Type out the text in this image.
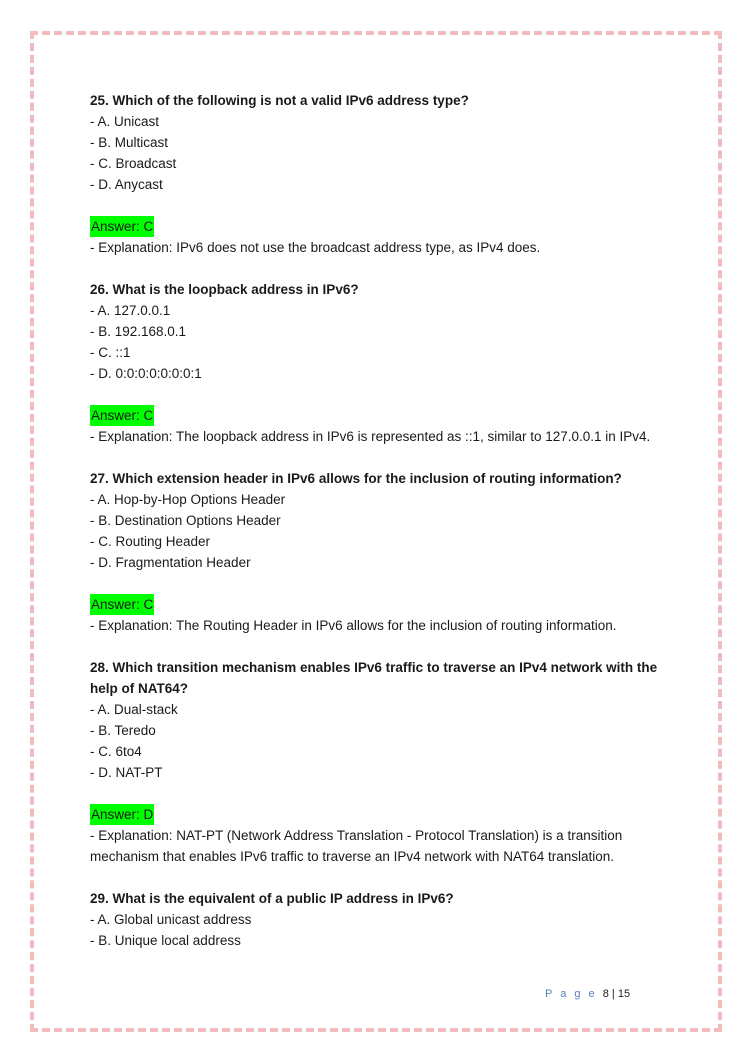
25. Which of the following is not a valid IPv6 address type?
- A. Unicast
- B. Multicast
- C. Broadcast
- D. Anycast
Answer: C
- Explanation: IPv6 does not use the broadcast address type, as IPv4 does.
26. What is the loopback address in IPv6?
- A. 127.0.0.1
- B. 192.168.0.1
- C. ::1
- D. 0:0:0:0:0:0:0:1
Answer: C
- Explanation: The loopback address in IPv6 is represented as ::1, similar to 127.0.0.1 in IPv4.
27. Which extension header in IPv6 allows for the inclusion of routing information?
- A. Hop-by-Hop Options Header
- B. Destination Options Header
- C. Routing Header
- D. Fragmentation Header
Answer: C
- Explanation: The Routing Header in IPv6 allows for the inclusion of routing information.
28. Which transition mechanism enables IPv6 traffic to traverse an IPv4 network with the help of NAT64?
- A. Dual-stack
- B. Teredo
- C. 6to4
- D. NAT-PT
Answer: D
- Explanation: NAT-PT (Network Address Translation - Protocol Translation) is a transition mechanism that enables IPv6 traffic to traverse an IPv4 network with NAT64 translation.
29. What is the equivalent of a public IP address in IPv6?
- A. Global unicast address
- B. Unique local address
P a g e 8 | 15
